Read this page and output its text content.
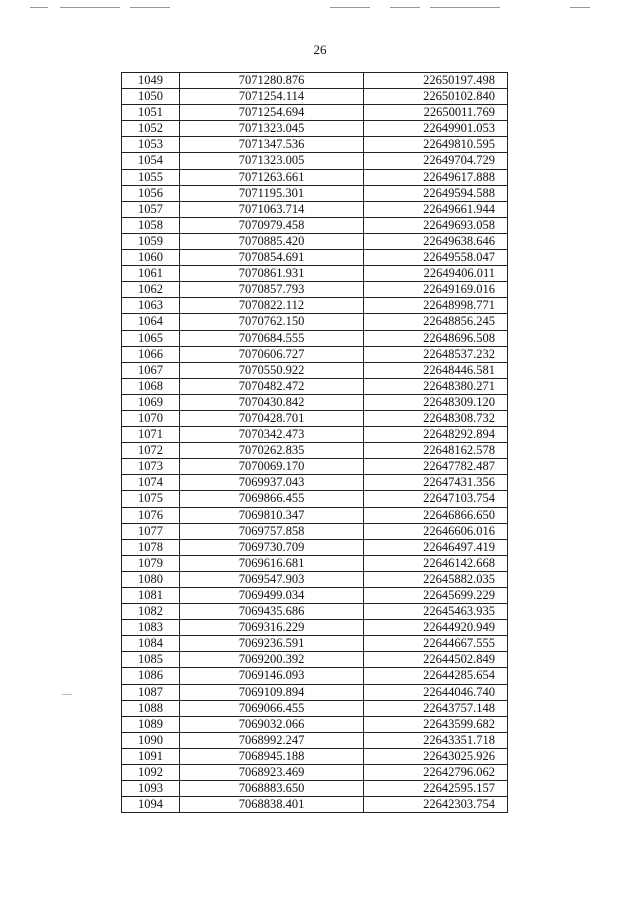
26
1049	7071280.876	22650197.498
1050	7071254.114	22650102.840
1051	7071254.694	22650011.769
1052	7071323.045	22649901.053
1053	7071347.536	22649810.595
1054	7071323.005	22649704.729
1055	7071263.661	22649617.888
1056	7071195.301	22649594.588
1057	7071063.714	22649661.944
1058	7070979.458	22649693.058
1059	7070885.420	22649638.646
1060	7070854.691	22649558.047
1061	7070861.931	22649406.011
1062	7070857.793	22649169.016
1063	7070822.112	22648998.771
1064	7070762.150	22648856.245
1065	7070684.555	22648696.508
1066	7070606.727	22648537.232
1067	7070550.922	22648446.581
1068	7070482.472	22648380.271
1069	7070430.842	22648309.120
1070	7070428.701	22648308.732
1071	7070342.473	22648292.894
1072	7070262.835	22648162.578
1073	7070069.170	22647782.487
1074	7069937.043	22647431.356
1075	7069866.455	22647103.754
1076	7069810.347	22646866.650
1077	7069757.858	22646606.016
1078	7069730.709	22646497.419
1079	7069616.681	22646142.668
1080	7069547.903	22645882.035
1081	7069499.034	22645699.229
1082	7069435.686	22645463.935
1083	7069316.229	22644920.949
1084	7069236.591	22644667.555
1085	7069200.392	22644502.849
1086	7069146.093	22644285.654
1087	7069109.894	22644046.740
1088	7069066.455	22643757.148
1089	7069032.066	22643599.682
1090	7068992.247	22643351.718
1091	7068945.188	22643025.926
1092	7068923.469	22642796.062
1093	7068883.650	22642595.157
1094	7068838.401	22642303.754
